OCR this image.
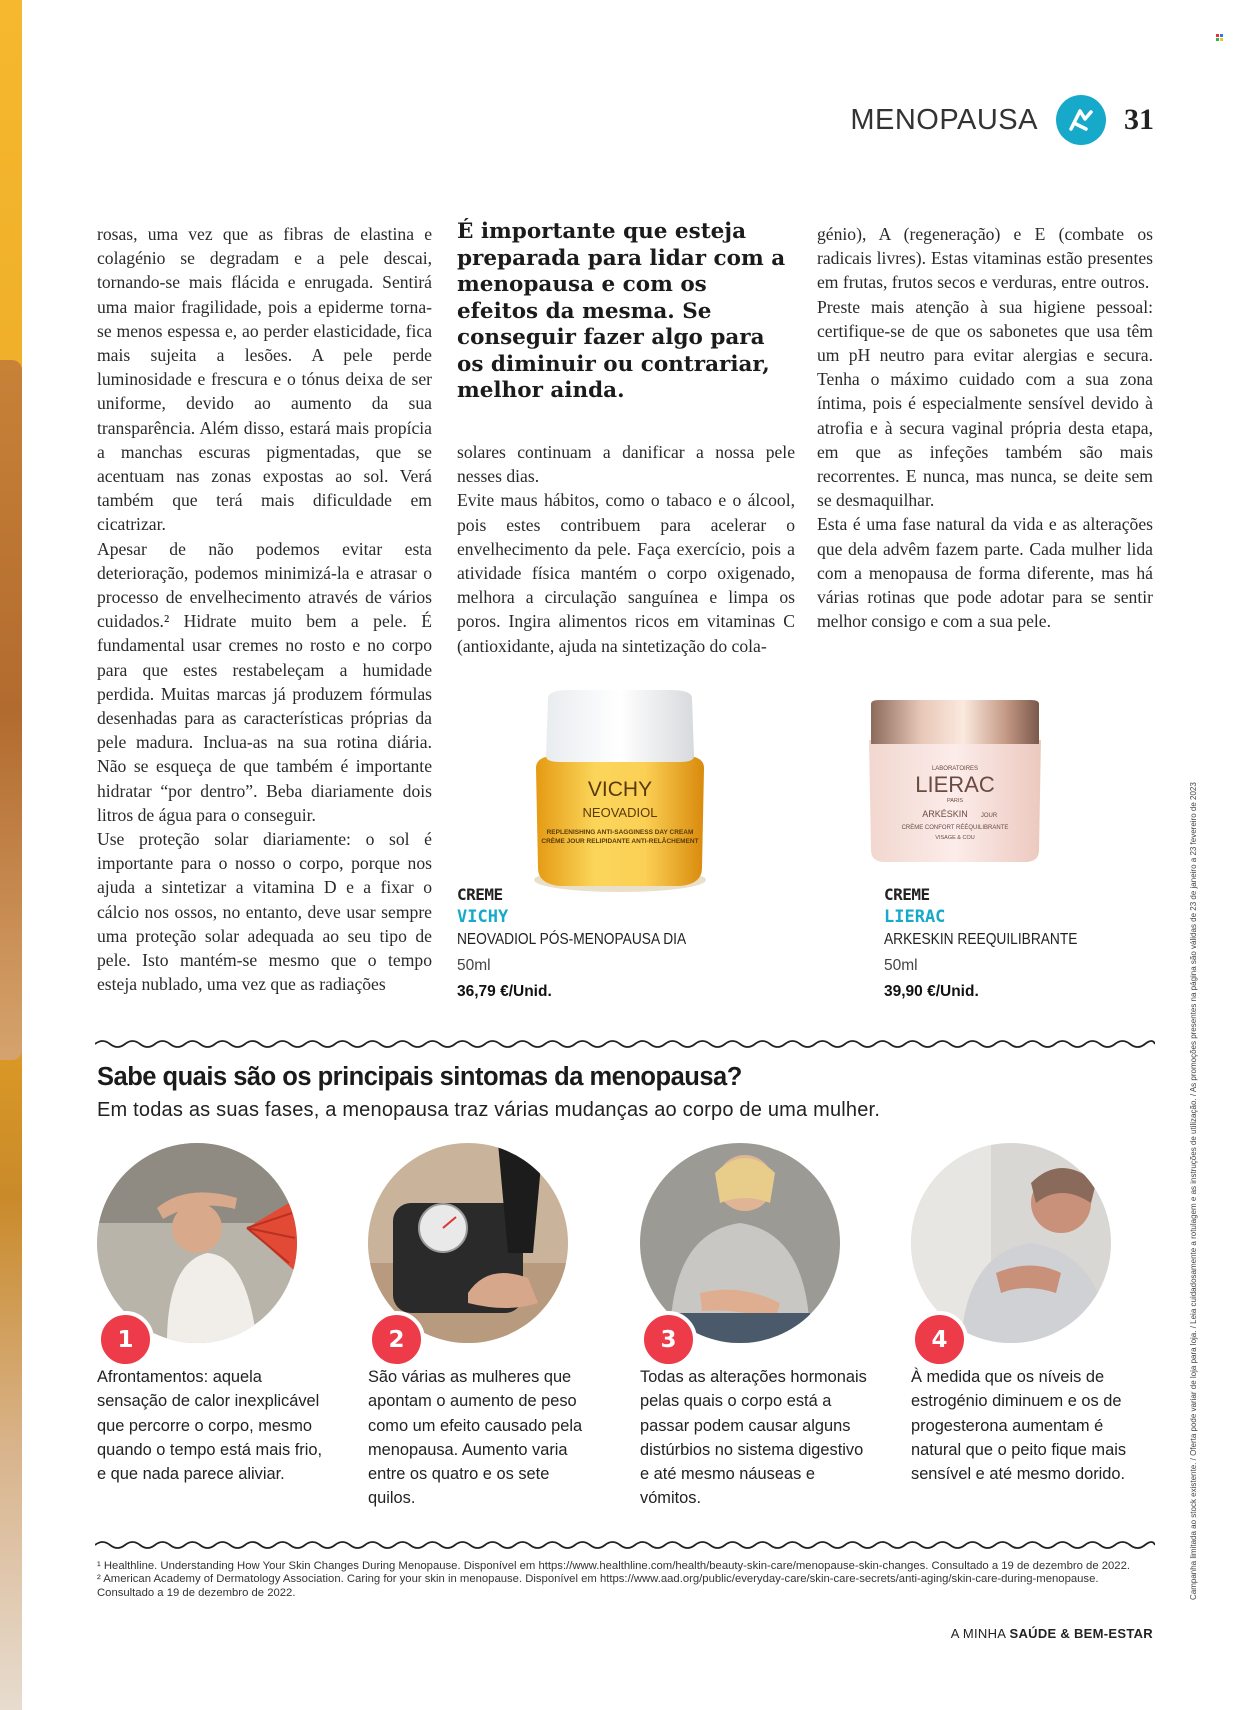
MENOPAUSA	31

rosas, uma vez que as fibras de elastina e colagénio se degradam e a pele descai, tornando-se mais flácida e enrugada. Sentirá uma maior fragilidade, pois a epiderme torna-se menos espessa e, ao perder elasticidade, fica mais sujeita a lesões. A pele perde luminosidade e frescura e o tónus deixa de ser uniforme, devido ao aumento da sua transparência. Além disso, estará mais propícia a manchas escuras pigmentadas, que se acentuam nas zonas expostas ao sol. Verá também que terá mais dificuldade em cicatrizar.

Apesar de não podemos evitar esta deterioração, podemos minimizá-la e atrasar o processo de envelhecimento através de vários cuidados.² Hidrate muito bem a pele. É fundamental usar cremes no rosto e no corpo para que estes restabeleçam a humidade perdida. Muitas marcas já produzem fórmulas desenhadas para as características próprias da pele madura. Inclua-as na sua rotina diária. Não se esqueça de que também é importante hidratar “por dentro”. Beba diariamente dois litros de água para o conseguir.

Use proteção solar diariamente: o sol é importante para o nosso o corpo, porque nos ajuda a sintetizar a vitamina D e a fixar o cálcio nos ossos, no entanto, deve usar sempre uma proteção solar adequada ao seu tipo de pele. Isto mantém-se mesmo que o tempo esteja nublado, uma vez que as radiações

É importante que esteja preparada para lidar com a menopausa e com os efeitos da mesma. Se conseguir fazer algo para os diminuir ou contrariar, melhor ainda.

solares continuam a danificar a nossa pele nesses dias.

Evite maus hábitos, como o tabaco e o álcool, pois estes contribuem para acelerar o envelhecimento da pele. Faça exercício, pois a atividade física mantém o corpo oxigenado, melhora a circulação sanguínea e limpa os poros. Ingira alimentos ricos em vitaminas C (antioxidante, ajuda na sintetização do cola-

génio), A (regeneração) e E (combate os radicais livres). Estas vitaminas estão presentes em frutas, frutos secos e verduras, entre outros.

Preste mais atenção à sua higiene pessoal: certifique-se de que os sabonetes que usa têm um pH neutro para evitar alergias e secura. Tenha o máximo cuidado com a sua zona íntima, pois é especialmente sensível devido à atrofia e à secura vaginal própria desta etapa, em que as infeções também são mais recorrentes. E nunca, mas nunca, se deite sem se desmaquilhar.

Esta é uma fase natural da vida e as alterações que dela advêm fazem parte. Cada mulher lida com a menopausa de forma diferente, mas há várias rotinas que pode adotar para se sentir melhor consigo e com a sua pele.

VICHY
NEOVADIOL
REPLENISHING ANTI-SAGGINESS DAY CREAM
CRÈME JOUR RELIPIDANTE ANTI-RELÂCHEMENT
LABORATOIRES
LIERAC
PARIS
ARKÉSKIN JOUR
CRÈME CONFORT RÉÉQUILIBRANTE
VISAGE & COU
CREME
VICHY
NEOVADIOL PÓS-MENOPAUSA DIA
50ml
36,79 €/Unid.
CREME
LIERAC
ARKESKIN REEQUILIBRANTE
50ml
39,90 €/Unid.
Sabe quais são os principais sintomas da menopausa?
Em todas as suas fases, a menopausa traz várias mudanças ao corpo de uma mulher.
1
Afrontamentos: aquela sensação de calor inexplicável que percorre o corpo, mesmo quando o tempo está mais frio, e que nada parece aliviar.
2
São várias as mulheres que apontam o aumento de peso como um efeito causado pela menopausa. Aumento varia entre os quatro e os sete quilos.
3
Todas as alterações hormonais pelas quais o corpo está a passar podem causar alguns distúrbios no sistema digestivo e até mesmo náuseas e vómitos.
4
À medida que os níveis de estrogénio diminuem e os de progesterona aumentam é natural que o peito fique mais sensível e até mesmo dorido.
¹ Healthline. Understanding How Your Skin Changes During Menopause. Disponível em https://www.healthline.com/health/beauty-skin-care/menopause-skin-changes. Consultado a 19 de dezembro de 2022.
² American Academy of Dermatology Association. Caring for your skin in menopause. Disponível em https://www.aad.org/public/everyday-care/skin-care-secrets/anti-aging/skin-care-during-menopause.
Consultado a 19 de dezembro de 2022.
A MINHA SAÚDE & BEM-ESTAR
Campanha limitada ao stock existente. / Oferta pode variar de loja para loja. / Leia cuidadosamente a rotulagem e as instruções de utilização. / As promoções presentes na página são válidas de 23 de janeiro a 23 fevereiro de 2023
